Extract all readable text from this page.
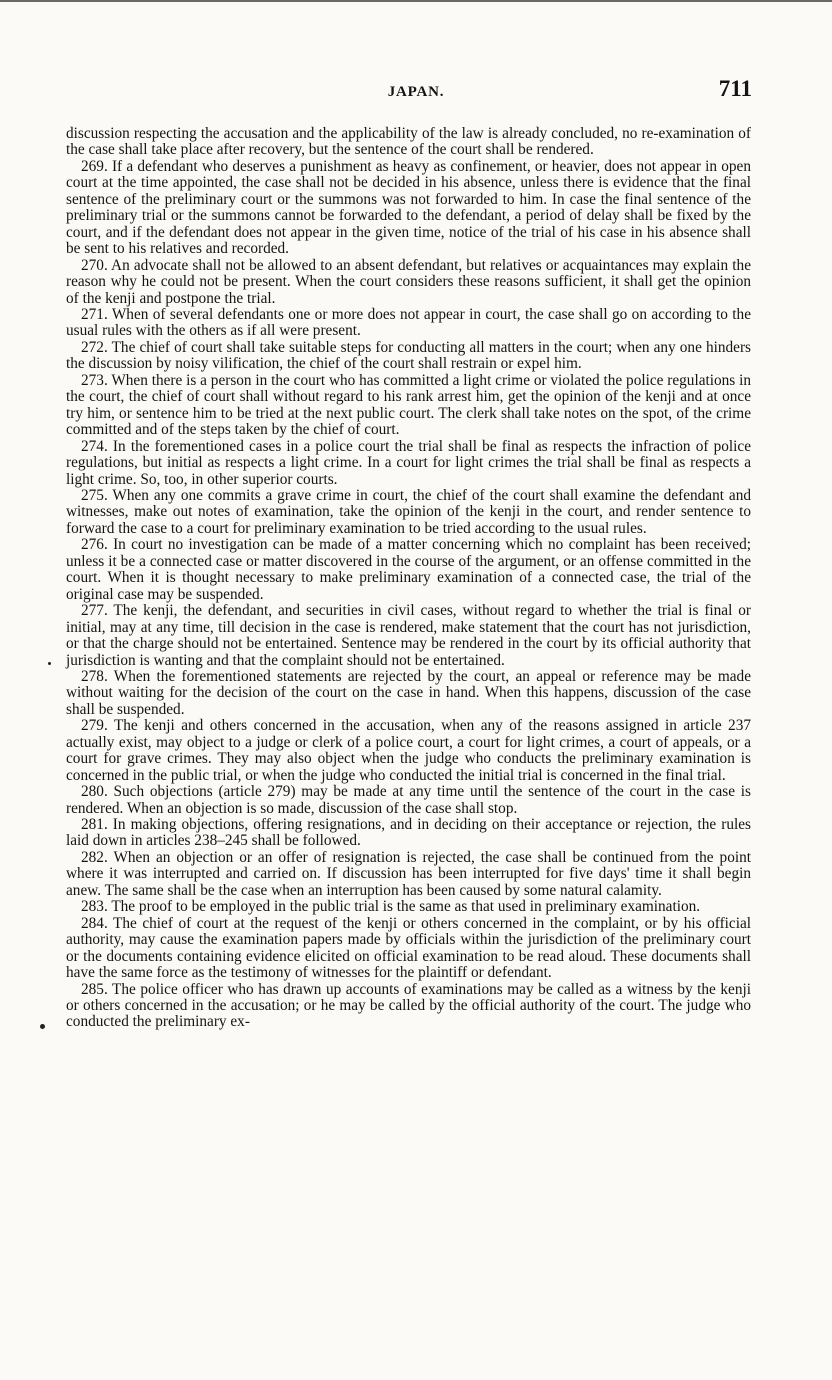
JAPAN.	711

discussion respecting the accusation and the applicability of the law is already concluded, no re-examination of the case shall take place after recovery, but the sentence of the court shall be rendered.

269. If a defendant who deserves a punishment as heavy as confinement, or heavier, does not appear in open court at the time appointed, the case shall not be decided in his absence, unless there is evidence that the final sentence of the preliminary court or the summons was not forwarded to him. In case the final sentence of the preliminary trial or the summons cannot be forwarded to the defendant, a period of delay shall be fixed by the court, and if the defendant does not appear in the given time, notice of the trial of his case in his absence shall be sent to his relatives and recorded.

270. An advocate shall not be allowed to an absent defendant, but relatives or acquaintances may explain the reason why he could not be present. When the court considers these reasons sufficient, it shall get the opinion of the kenji and postpone the trial.

271. When of several defendants one or more does not appear in court, the case shall go on according to the usual rules with the others as if all were present.

272. The chief of court shall take suitable steps for conducting all matters in the court; when any one hinders the discussion by noisy vilification, the chief of the court shall restrain or expel him.

273. When there is a person in the court who has committed a light crime or violated the police regulations in the court, the chief of court shall without regard to his rank arrest him, get the opinion of the kenji and at once try him, or sentence him to be tried at the next public court. The clerk shall take notes on the spot, of the crime committed and of the steps taken by the chief of court.

274. In the forementioned cases in a police court the trial shall be final as respects the infraction of police regulations, but initial as respects a light crime. In a court for light crimes the trial shall be final as respects a light crime. So, too, in other superior courts.

275. When any one commits a grave crime in court, the chief of the court shall examine the defendant and witnesses, make out notes of examination, take the opinion of the kenji in the court, and render sentence to forward the case to a court for preliminary examination to be tried according to the usual rules.

276. In court no investigation can be made of a matter concerning which no complaint has been received; unless it be a connected case or matter discovered in the course of the argument, or an offense committed in the court. When it is thought necessary to make preliminary examination of a connected case, the trial of the original case may be suspended.

277. The kenji, the defendant, and securities in civil cases, without regard to whether the trial is final or initial, may at any time, till decision in the case is rendered, make statement that the court has not jurisdiction, or that the charge should not be entertained. Sentence may be rendered in the court by its official authority that jurisdiction is wanting and that the complaint should not be entertained.

278. When the forementioned statements are rejected by the court, an appeal or reference may be made without waiting for the decision of the court on the case in hand. When this happens, discussion of the case shall be suspended.

279. The kenji and others concerned in the accusation, when any of the reasons assigned in article 237 actually exist, may object to a judge or clerk of a police court, a court for light crimes, a court of appeals, or a court for grave crimes. They may also object when the judge who conducts the preliminary examination is concerned in the public trial, or when the judge who conducted the initial trial is concerned in the final trial.

280. Such objections (article 279) may be made at any time until the sentence of the court in the case is rendered. When an objection is so made, discussion of the case shall stop.

281. In making objections, offering resignations, and in deciding on their acceptance or rejection, the rules laid down in articles 238–245 shall be followed.

282. When an objection or an offer of resignation is rejected, the case shall be continued from the point where it was interrupted and carried on. If discussion has been interrupted for five days' time it shall begin anew. The same shall be the case when an interruption has been caused by some natural calamity.

283. The proof to be employed in the public trial is the same as that used in preliminary examination.

284. The chief of court at the request of the kenji or others concerned in the complaint, or by his official authority, may cause the examination papers made by officials within the jurisdiction of the preliminary court or the documents containing evidence elicited on official examination to be read aloud. These documents shall have the same force as the testimony of witnesses for the plaintiff or defendant.

285. The police officer who has drawn up accounts of examinations may be called as a witness by the kenji or others concerned in the accusation; or he may be called by the official authority of the court. The judge who conducted the preliminary ex-
